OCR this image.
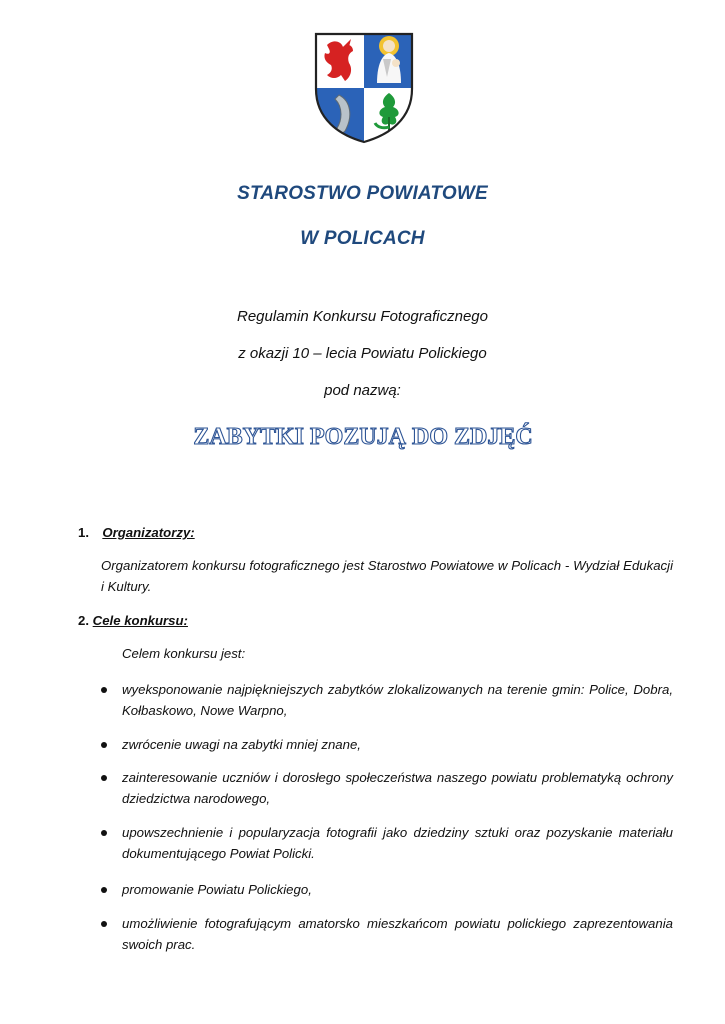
STAROSTWO POWIATOWE
W POLICACH
Regulamin Konkursu Fotograficznego
z okazji 10 – lecia Powiatu Polickiego
pod nazwą:
ZABYTKI POZUJĄ DO ZDJĘĆ
1. Organizatorzy:
Organizatorem konkursu fotograficznego jest Starostwo Powiatowe w Policach - Wydział Edukacji i Kultury.
2. Cele konkursu:
Celem konkursu jest:
wyeksponowanie najpiękniejszych zabytków zlokalizowanych na terenie gmin: Police, Dobra, Kołbaskowo, Nowe Warpno,
zwrócenie uwagi na zabytki mniej znane,
zainteresowanie uczniów i dorosłego społeczeństwa naszego powiatu problematyką ochrony dziedzictwa narodowego,
upowszechnienie i popularyzacja fotografii jako dziedziny sztuki oraz pozyskanie materiału dokumentującego Powiat Policki.
promowanie Powiatu Polickiego,
umożliwienie fotografującym amatorsko mieszkańcom powiatu polickiego zaprezentowania swoich prac.
